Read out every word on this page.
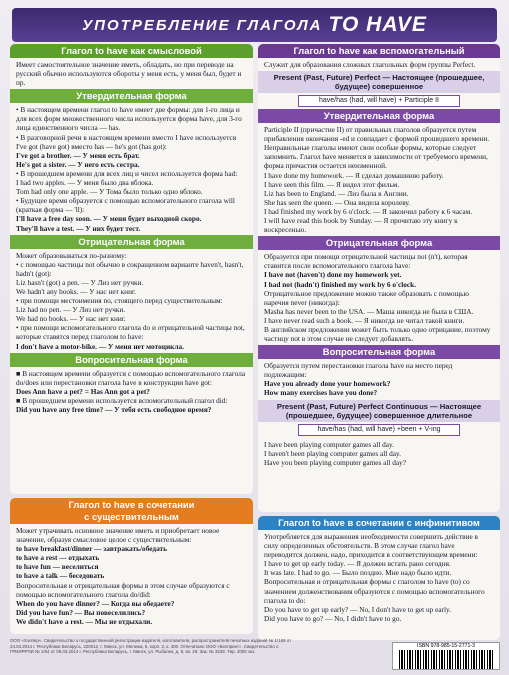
УПОТРЕБЛЕНИЕ ГЛАГОЛА TO HAVE
Глагол to have как смысловой
Имеет самостоятельное значение иметь, обладать, но при переводе на русский обычно используются обороты у меня есть, у меня был, будет и пр.
Утвердительная форма

• В настоящем времени глагол to have имеет две формы: для 1-го лица и для всех форм множественного числа используется форма have, для 3-го лица единственного числа — has.

• В разговорной речи в настоящем времени вместо I have используется I've got (have got) вместо has — he's got (has got):

I've got a brother. — У меня есть брат.

He's got a sister. — У него есть сестра.

• В прошедшем времени для всех лиц и чисел используется форма had:

I had two apples. — У меня было два яблока.

Tom had only one apple. — У Тома было только одно яблоко.

• Будущее время образуется с помощью вспомогательного глагола will (краткая форма — 'll):

I'll have a free day soon. — У меня будет выходной скоро.

They'll have a test. — У них будет тест.

Отрицательная форма

Может образовываться по-разному:

• с помощью частицы not обычно в сокращенном варианте haven't, hasn't, hadn't (got):

Liz hasn't (got) a pen. — У Лиз нет ручки.

We hadn't any books. — У нас нет книг.

• при помощи местоимения no, стоящего перед существительным:

Liz had no pen. — У Лиз нет ручки.

We had no books. — У нас нет книг.

• при помощи вспомогательного глагола do и отрицательной частицы not, которые ставятся перед глаголом to have:

I don't have a motor-bike. — У меня нет мотоцикла.

Вопросительная форма

■ В настоящем времени образуется с помощью вспомогательного глагола do/does или перестановки глагола have в конструкции have got:

Does Ann have a pet? = Has Ann got a pet?

■ В прошедшем времени используется вспомогательный глагол did:

Did you have any free time? — У тебя есть свободное время?

Глагол to have в сочетании
с существительным

Может утрачивать основное значение иметь и приобретает новое значение, образуя смысловое целое с существительным:

to have breakfast/dinner — завтракать/обедать

to have a rest — отдыхать

to have fun — веселиться

to have a talk — беседовать

Вопросительная и отрицательная формы в этом случае образуются с помощью вспомогательного глагола do/did:

When do you have dinner? — Когда вы обедаете?

Did you have fun? — Вы повеселились?

We didn't have a rest. — Мы не отдыхали.

Глагол to have как вспомогательный
Служит для образования сложных глагольных форм группы Perfect.
Present (Past, Future) Perfect — Настоящее (прошедшее, будущее) совершенное
have/has (had, will have) + Participle II
Утвердительная форма

Participle II (причастие II) от правильных глаголов образуется путем прибавления окончания -ed и совпадает с формой прошедшего времени. Неправильные глаголы имеют свои особые формы, которые следует запомнить. Глагол have меняется в зависимости от требуемого времени, форма причастия остается неизменной.

I have done my homework. — Я сделал домашнюю работу.

I have seen this film. — Я видел этот фильм.

Liz has been to England. — Лиз была в Англии.

She has seen the queen. — Она видела королеву.

I had finished my work by 6 o'clock. — Я закончил работу к 6 часам.

I will have read this book by Sunday. — Я прочитаю эту книгу к воскресенью.

Отрицательная форма

Образуется при помощи отрицательной частицы not (n't), которая ставится после вспомогательного глагола have:

I have not (haven't) done my homework yet.

I had not (hadn't) finished my work by 6 o'clock.

Отрицательное предложение можно также образовать с помощью наречия never (никогда):

Masha has never been to the USA. — Маша никогда не была в США.

I have never read such a book. — Я никогда не читал такой книги.

В английском предложении может быть только одно отрицание, поэтому частицу not в этом случае не следует добавлять.

Вопросительная форма

Образуется путем перестановки глагола have на место перед подлежащим:

Have you already done your homework?

How many exercises have you done?

Present (Past, Future) Perfect Continuous — Настоящее (прошедшее, будущее) совершенное длительное
have/has (had, will have) +been + V-ing

I have been playing computer games all day.

I haven't been playing computer games all day.

Have you been playing computer games all day?

Глагол to have в сочетании с инфинитивом

Употребляется для выражения необходимости совершить действие в силу определенных обстоятельств. В этом случае глагол have переводится должен, надо, приходится в соответствующем времени:

I have to get up early today. — Я должен встать рано сегодня.

It was late. I had to go. — Было поздно. Мне надо было идти.

Вопросительная и отрицательная формы с глаголом to have (to) со значением долженствования образуются с помощью вспомогательного глагола to do:

Do you have to get up early? — No, I don't have to get up early.

Did you have to go? — No, I didn't have to go.

ООО «Хэлпер». Свидетельство о государственной регистрации издателя, изготовителя, распространителя печатных изданий № 1/168 от 24.03.2014 г. Республика Беларусь, 220012, г. Минск, ул. Мележа, 5, корп. 2, к. 400. Отпечатано ООО «Белпринт». Свидетельство о ГРИИРРПИ № 1/64 от 09.03.2014 г. Республика Беларусь, г. Минск, ул. Рыбалко, д. 9, кв. 29. Зак. № 3228. Тир. 2000 экз.
ISBN 978-985-15-2771-3
